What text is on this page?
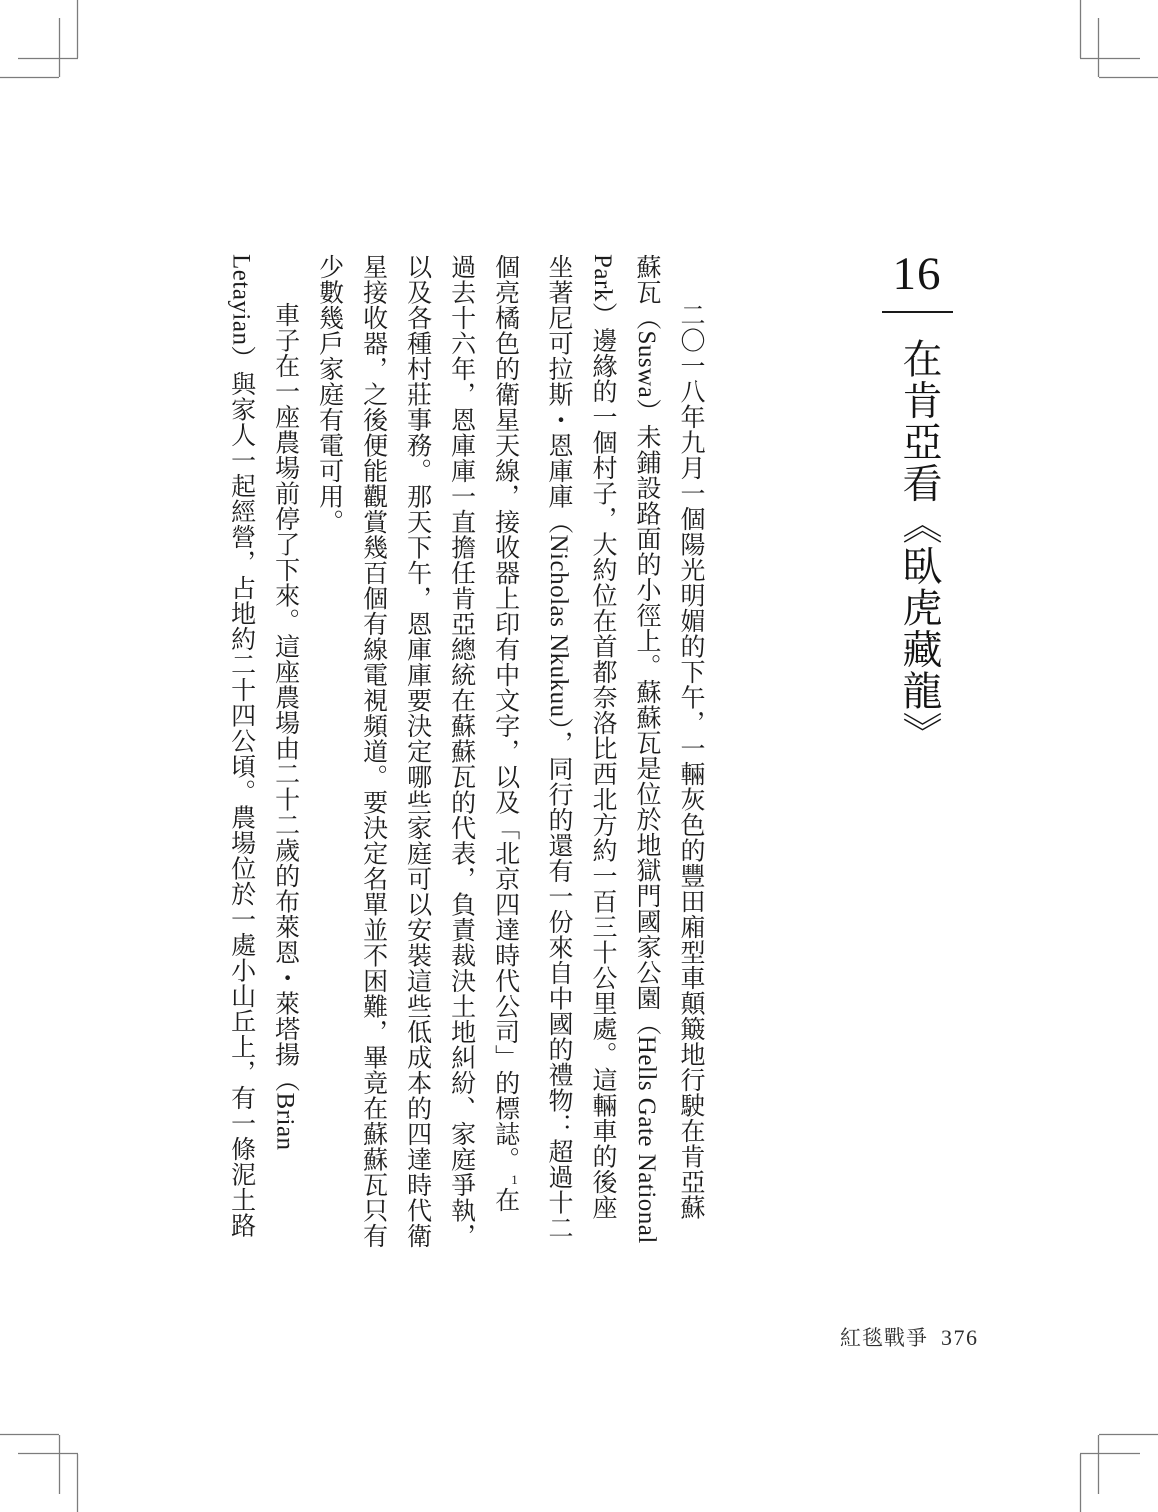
16
在肯亞看《臥虎藏龍》
二〇一八年九月一個陽光明媚的下午，一輛灰色的豐田廂型車顛簸地行駛在肯亞蘇
蘇瓦（Suswa）未鋪設路面的小徑上。蘇蘇瓦是位於地獄門國家公園（Hells Gate National
Park）邊緣的一個村子，大約位在首都奈洛比西北方約一百三十公里處。這輛車的後座
坐著尼可拉斯・恩庫庫（Nicholas Nkukuu），同行的還有一份來自中國的禮物：超過十二
個亮橘色的衛星天線，接收器上印有中文字，以及「北京四達時代公司」的標誌。$^1$在
過去十六年，恩庫庫一直擔任肯亞總統在蘇蘇瓦的代表，負責裁決土地糾紛、家庭爭執，
以及各種村莊事務。那天下午，恩庫庫要決定哪些家庭可以安裝這些低成本的四達時代衛
星接收器，之後便能觀賞幾百個有線電視頻道。要決定名單並不困難，畢竟在蘇蘇瓦只有
少數幾戶家庭有電可用。
車子在一座農場前停了下來。這座農場由二十二歲的布萊恩・萊塔揚（Brian
Letayian）與家人一起經營，占地約二十四公頃。農場位於一處小山丘上，有一條泥土路
紅毯戰爭 376
